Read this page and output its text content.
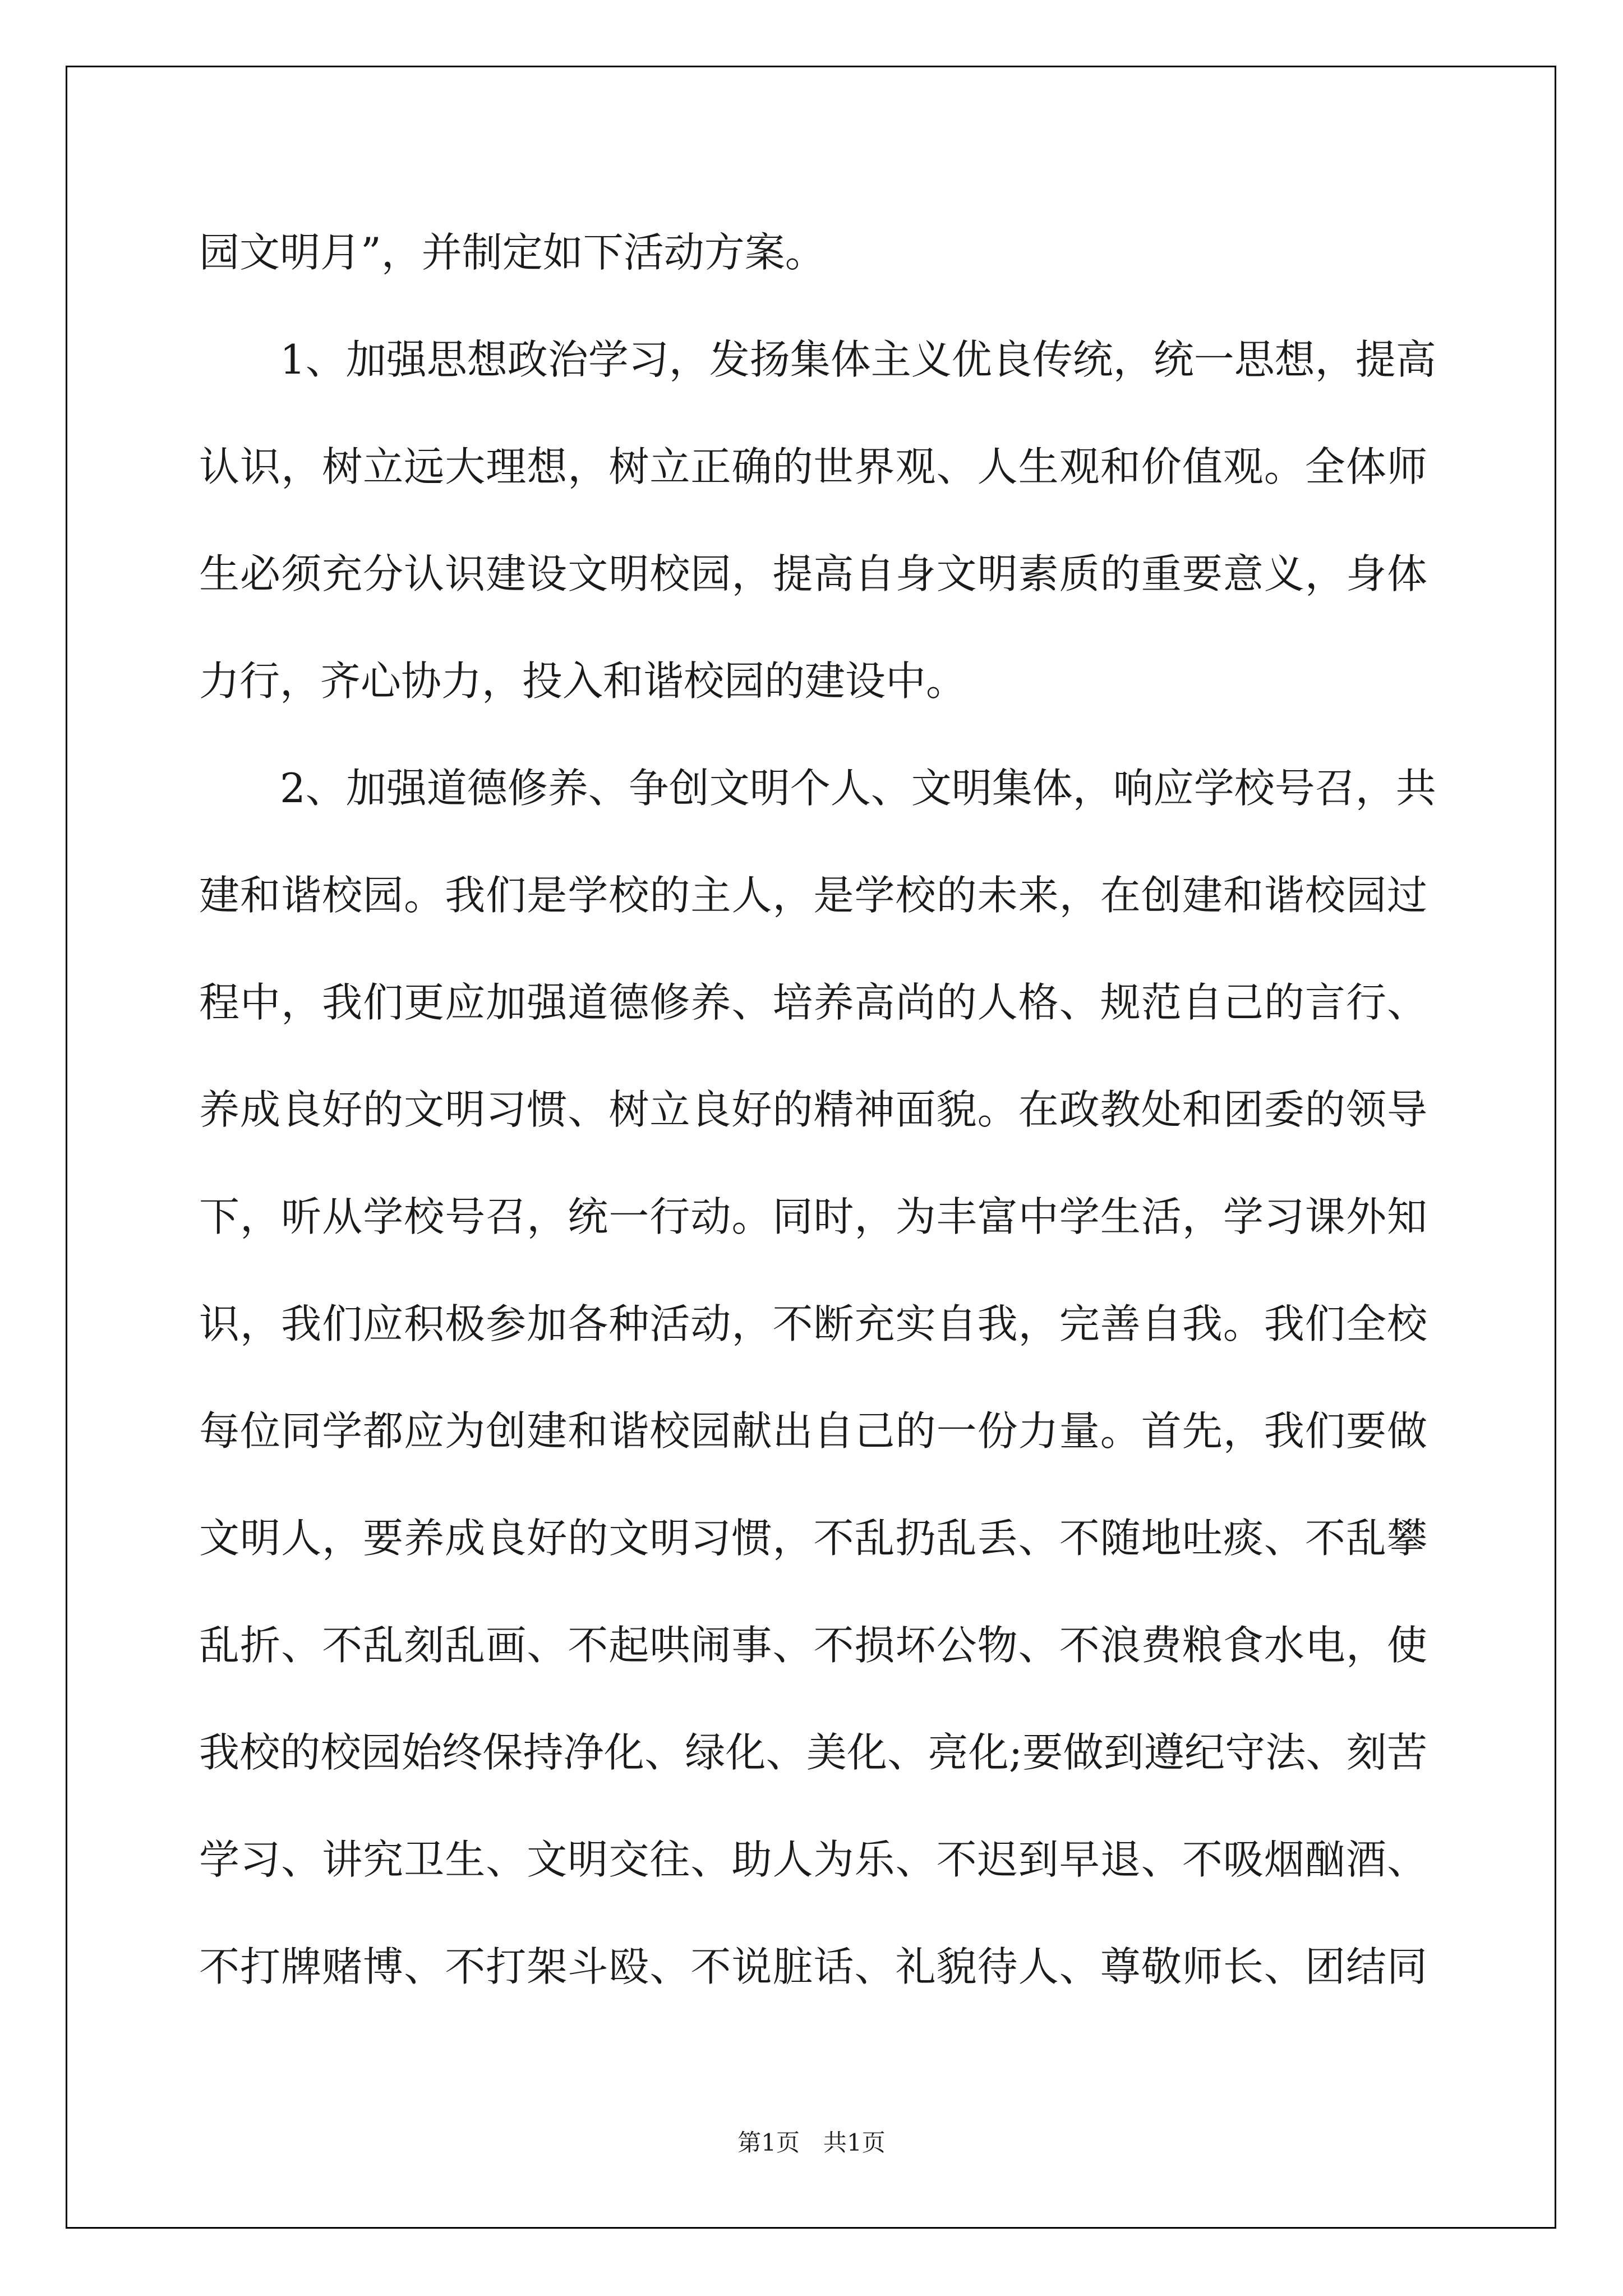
园文明月”，并制定如下活动方案。
1、加强思想政治学习，发扬集体主义优良传统，统一思想，提高
认识，树立远大理想，树立正确的世界观、人生观和价值观。全体师
生必须充分认识建设文明校园，提高自身文明素质的重要意义，身体
力行，齐心协力，投入和谐校园的建设中。
2、加强道德修养、争创文明个人、文明集体，响应学校号召，共
建和谐校园。我们是学校的主人，是学校的未来，在创建和谐校园过
程中，我们更应加强道德修养、培养高尚的人格、规范自己的言行、
养成良好的文明习惯、树立良好的精神面貌。在政教处和团委的领导
下，听从学校号召，统一行动。同时，为丰富中学生活，学习课外知
识，我们应积极参加各种活动，不断充实自我，完善自我。我们全校
每位同学都应为创建和谐校园献出自己的一份力量。首先，我们要做
文明人，要养成良好的文明习惯，不乱扔乱丢、不随地吐痰、不乱攀
乱折、不乱刻乱画、不起哄闹事、不损坏公物、不浪费粮食水电，使
我校的校园始终保持净化、绿化、美化、亮化;要做到遵纪守法、刻苦
学习、讲究卫生、文明交往、助人为乐、不迟到早退、不吸烟酗酒、
不打牌赌博、不打架斗殴、不说脏话、礼貌待人、尊敬师长、团结同
第1页 共1页
